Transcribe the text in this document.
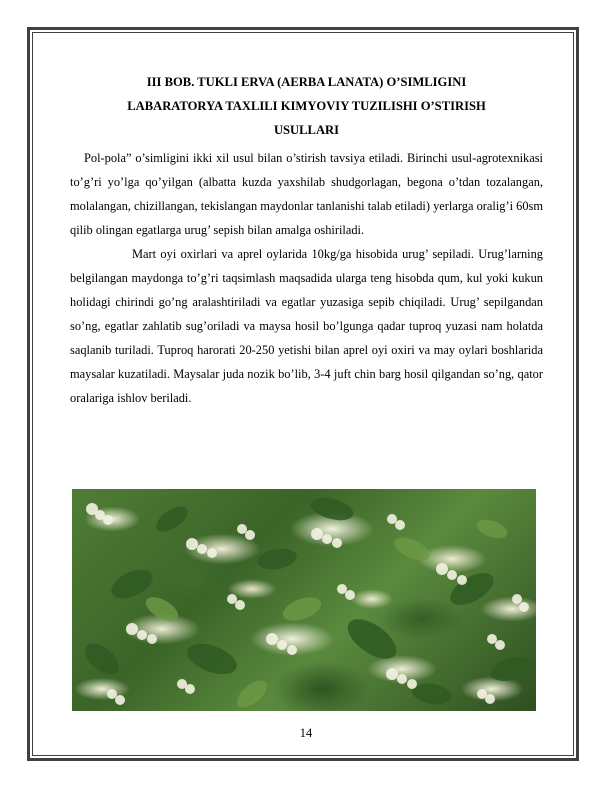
III BOB. TUKLI ERVA (AERBA LANATA) O’SIMLIGINI
LABARATORYA TAXLILI KIMYOVIY TUZILISHI O’STIRISH
USULLARI

Pol-pola” o’simligini ikki xil usul bilan o’stirish tavsiya etiladi. Birinchi usul-agrotexnikasi to’g’ri yo’lga qo’yilgan (albatta kuzda yaxshilab shudgorlagan, begona o’tdan tozalangan, molalangan, chizillangan, tekislangan maydonlar tanlanishi talab etiladi) yerlarga oralig’i 60sm qilib olingan egatlarga urug’ sepish bilan amalga oshiriladi.

Mart oyi oxirlari va aprel oylarida 10kg/ga hisobida urug’ sepiladi. Urug’larning belgilangan maydonga to’g’ri taqsimlash maqsadida ularga teng hisobda qum, kul yoki kukun holidagi chirindi go’ng aralashtiriladi va egatlar yuzasiga sepib chiqiladi. Urug’ sepilgandan so’ng, egatlar zahlatib sug’oriladi va maysa hosil bo’lgunga qadar tuproq yuzasi nam holatda saqlanib turiladi. Tuproq harorati 20-250 yetishi bilan aprel oyi oxiri va may oylari boshlarida maysalar kuzatiladi. Maysalar juda nozik bo’lib, 3-4 juft chin barg hosil qilgandan so’ng, qator oralariga ishlov beriladi.

14
